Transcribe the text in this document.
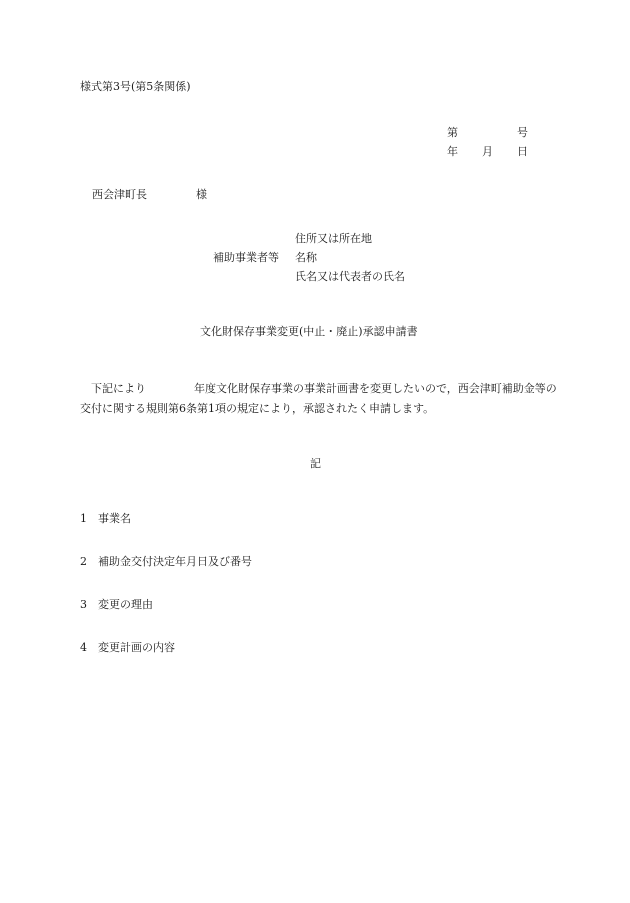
様式第3号(第5条関係)
第	号
年 月 日
西会津町長	様
住所又は所在地
補助事業者等 名称
氏名又は代表者の氏名
文化財保存事業変更(中止・廃止)承認申請書
下記により	年度文化財保存事業の事業計画書を変更したいので，西会津町補助金等の交付に関する規則第6条第1項の規定により，承認されたく申請します。
記
1 事業名
2 補助金交付決定年月日及び番号
3 変更の理由
4 変更計画の内容
